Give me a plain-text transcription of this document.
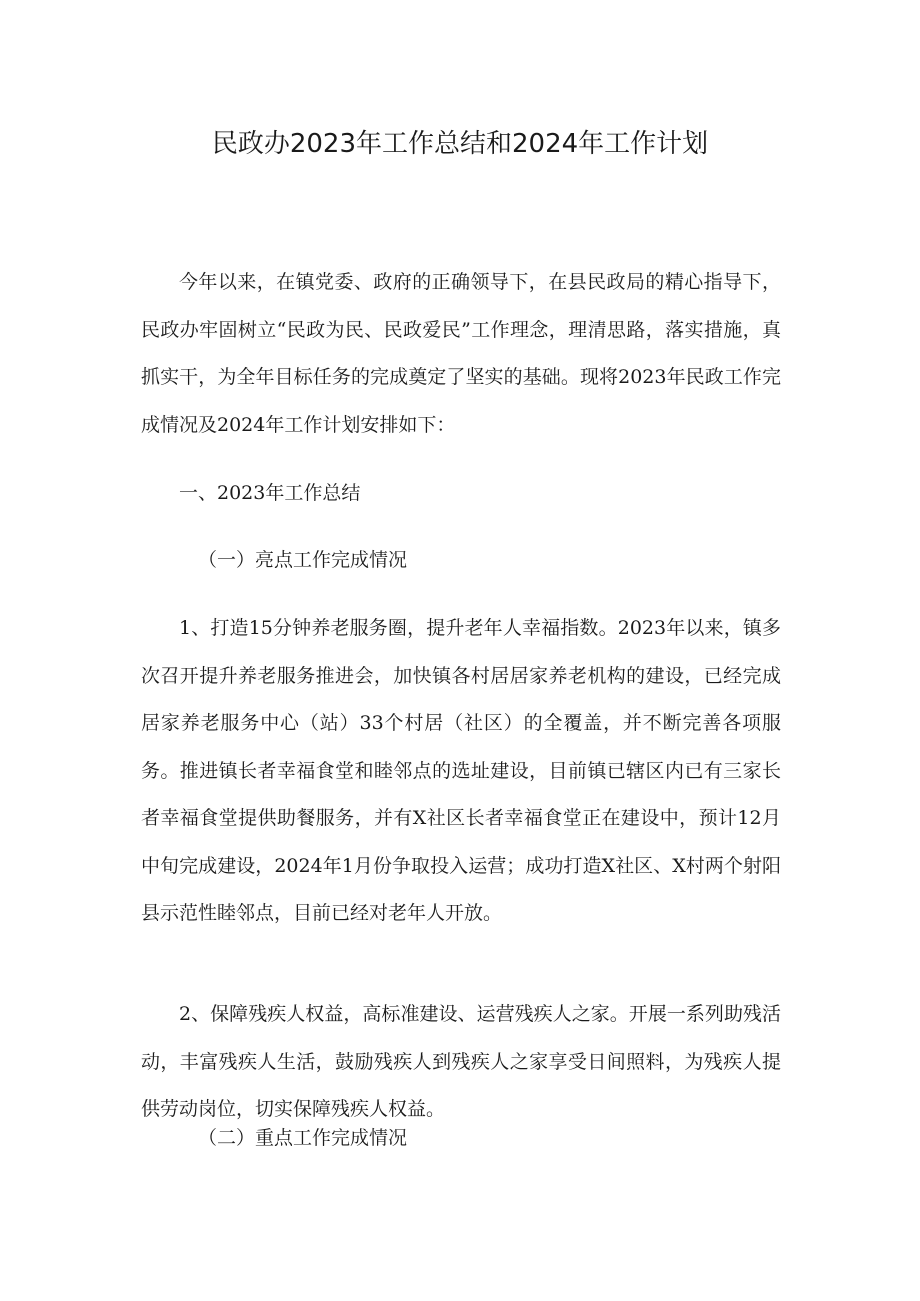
民政办2023年工作总结和2024年工作计划

今年以来，在镇党委、政府的正确领导下，在县民政局的精心指导下，民政办牢固树立“民政为民、民政爱民”工作理念，理清思路，落实措施，真抓实干，为全年目标任务的完成奠定了坚实的基础。现将2023年民政工作完成情况及2024年工作计划安排如下：

一、2023年工作总结

（一）亮点工作完成情况

1、打造15分钟养老服务圈，提升老年人幸福指数。2023年以来，镇多次召开提升养老服务推进会，加快镇各村居居家养老机构的建设，已经完成居家养老服务中心（站）33个村居（社区）的全覆盖，并不断完善各项服务。推进镇长者幸福食堂和睦邻点的选址建设，目前镇已辖区内已有三家长者幸福食堂提供助餐服务，并有X社区长者幸福食堂正在建设中，预计12月中旬完成建设，2024年1月份争取投入运营；成功打造X社区、X村两个射阳县示范性睦邻点，目前已经对老年人开放。

2、保障残疾人权益，高标准建设、运营残疾人之家。开展一系列助残活动，丰富残疾人生活，鼓励残疾人到残疾人之家享受日间照料，为残疾人提供劳动岗位，切实保障残疾人权益。

（二）重点工作完成情况
